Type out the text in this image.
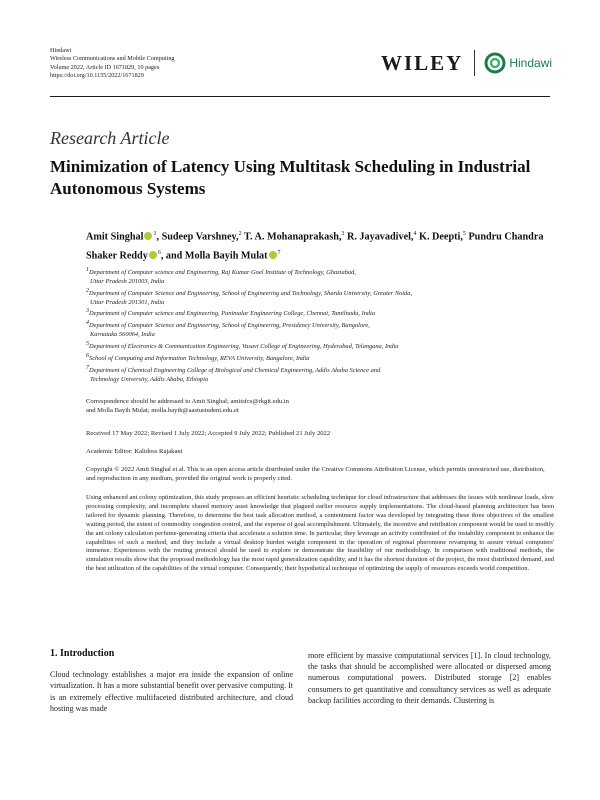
Hindawi
Wireless Communications and Mobile Computing
Volume 2022, Article ID 1671829, 10 pages
https://doi.org/10.1155/2022/1671829
WILEY	Hindawi
Research Article
Minimization of Latency Using Multitask Scheduling in Industrial Autonomous Systems
Amit Singhal $^1$, Sudeep Varshney,$^2$ T. A. Mohanaprakash,$^3$ R. Jayavadivel,$^4$ K. Deepti,$^5$ Pundru Chandra Shaker Reddy $^6$, and Molla Bayih Mulat $^7$
$^1$Department of Computer science and Engineering, Raj Kumar Goel Institute of Technology, Ghaziabad,
Uttar Pradesh 201003, India
$^2$Department of Computer Science and Engineering, School of Engineering and Technology, Sharda University, Greater Noida,
Uttar Pradesh 201301, India
$^3$Department of Computer science and Engineering, Panimalar Engineering College, Chennai, Tamilnadu, India
$^4$Department of Computer Science and Engineering, School of Engineering, Presidency University, Bangalore,
Karnataka 560064, India
$^5$Department of Electronics & Communication Engineering, Vasavi College of Engineering, Hyderabad, Telangana, India
$^6$School of Computing and Information Technology, REVA University, Bangalore, India
$^7$Department of Chemical Engineering College of Biological and Chemical Engineering, Addis Ababa Science and
Technology University, Addis Ababa, Ethiopia
Correspondence should be addressed to Amit Singhal; amitsfcs@rkgit.edu.in
and Molla Bayih Mulat; molla.bayih@aastustudent.edu.et
Received 17 May 2022; Revised 1 July 2022; Accepted 9 July 2022; Published 21 July 2022
Academic Editor: Kalidoss Rajakani
Copyright © 2022 Amit Singhal et al. This is an open access article distributed under the Creative Commons Attribution License, which permits unrestricted use, distribution, and reproduction in any medium, provided the original work is properly cited.
Using enhanced ant colony optimization, this study proposes an efficient heuristic scheduling technique for cloud infrastructure that addresses the issues with nonlinear loads, slow processing complexity, and incomplete shared memory asset knowledge that plagued earlier resource supply implementations. The cloud-based planning architecture has been tailored for dynamic planning. Therefore, to determine the best task allocation method, a contentment factor was developed by integrating these three objectives of the smallest waiting period, the extent of commodity congestion control, and the expense of goal accomplishment. Ultimately, the incentive and retribution component would be used to modify the ant colony calculation perfume-generating criteria that accelerate a solution time. In particular, they leverage an activity contributed of the instability component to enhance the capabilities of such a method, and they include a virtual desktop burden weight component in the operation of regional pheromone revamping to assure virtual computers' immense. Experiences with the routing protocol should be used to explore or demonstrate the feasibility of our methodology. In comparison with traditional methods, the simulation results show that the proposed methodology has the most rapid generalization capability, and it has the shortest duration of the project, the most distributed demand, and the best utilization of the capabilities of the virtual computer. Consequently, their hypothetical technique of optimizing the supply of resources exceeds world competition.
1. Introduction
Cloud technology establishes a major era inside the expansion of online virtualization. It has a more substantial benefit over pervasive computing. It is an extremely effective multifaceted distributed architecture, and cloud hosting was made
more efficient by massive computational services [1]. In cloud technology, the tasks that should be accomplished were allocated or dispersed among numerous computational powers. Distributed storage [2] enables consumers to get quantitative and consultancy services as well as adequate backup facilities according to their demands. Clustering is
